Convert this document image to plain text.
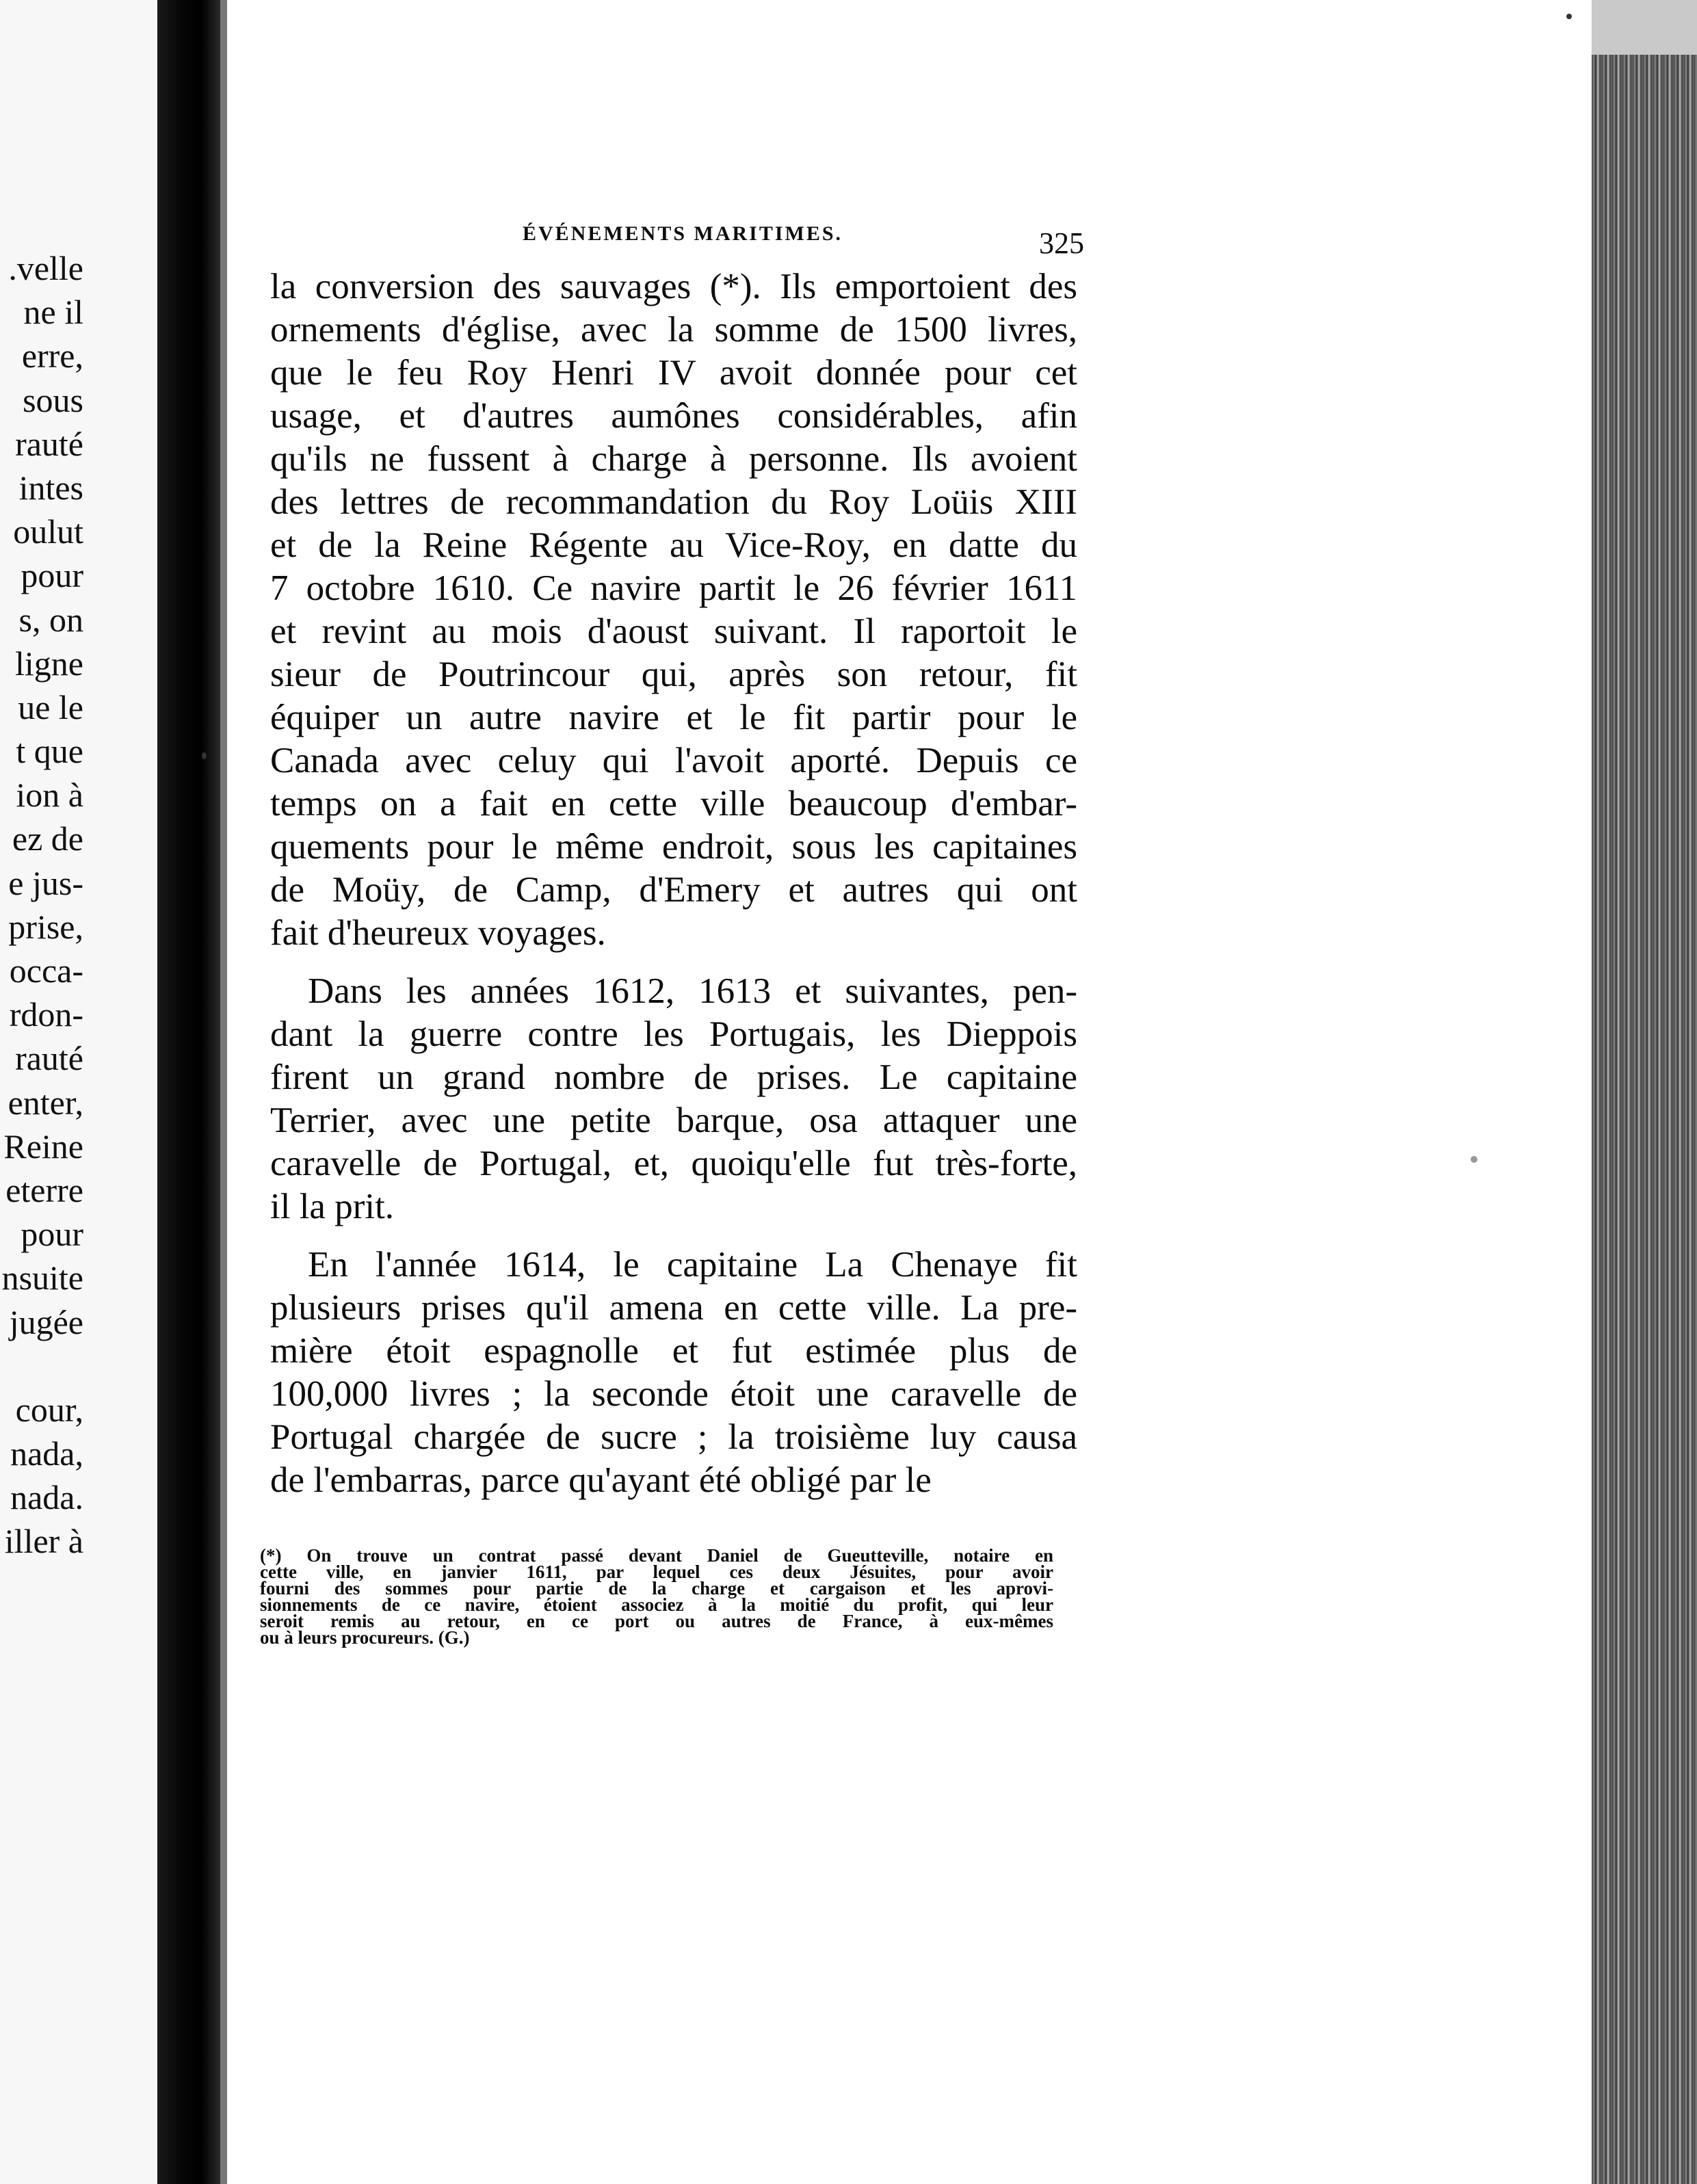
.velle
ne il
erre,
sous
rauté
intes
oulut
pour
s, on
ligne
ue le
t que
ion à
ez de
e jus-
prise,
occa-
rdon-
rauté
enter,
Reine
eterre
pour
nsuite
jugée
cour,
nada,
nada.
iller à
ÉVÉNEMENTS MARITIMES.	325
la conversion des sauvages (*). Ils emportoient des
ornements d'église, avec la somme de 1500 livres,
que le feu Roy Henri IV avoit donnée pour cet
usage, et d'autres aumônes considérables, afin
qu'ils ne fussent à charge à personne. Ils avoient
des lettres de recommandation du Roy Loüis XIII
et de la Reine Régente au Vice-Roy, en datte du
7 octobre 1610. Ce navire partit le 26 février 1611
et revint au mois d'aoust suivant. Il raportoit le
sieur de Poutrincour qui, après son retour, fit
équiper un autre navire et le fit partir pour le
Canada avec celuy qui l'avoit aporté. Depuis ce
temps on a fait en cette ville beaucoup d'embar-
quements pour le même endroit, sous les capitaines
de Moüy, de Camp, d'Emery et autres qui ont
fait d'heureux voyages.
Dans les années 1612, 1613 et suivantes, pen-
dant la guerre contre les Portugais, les Dieppois
firent un grand nombre de prises. Le capitaine
Terrier, avec une petite barque, osa attaquer une
caravelle de Portugal, et, quoiqu'elle fut très-forte,
il la prit.
En l'année 1614, le capitaine La Chenaye fit
plusieurs prises qu'il amena en cette ville. La pre-
mière étoit espagnolle et fut estimée plus de
100,000 livres ; la seconde étoit une caravelle de
Portugal chargée de sucre ; la troisième luy causa
de l'embarras, parce qu'ayant été obligé par le
(*) On trouve un contrat passé devant Daniel de Gueutteville, notaire en
cette ville, en janvier 1611, par lequel ces deux Jésuites, pour avoir
fourni des sommes pour partie de la charge et cargaison et les aprovi-
sionnements de ce navire, étoient associez à la moitié du profit, qui leur
seroit remis au retour, en ce port ou autres de France, à eux-mêmes
ou à leurs procureurs. (G.)
